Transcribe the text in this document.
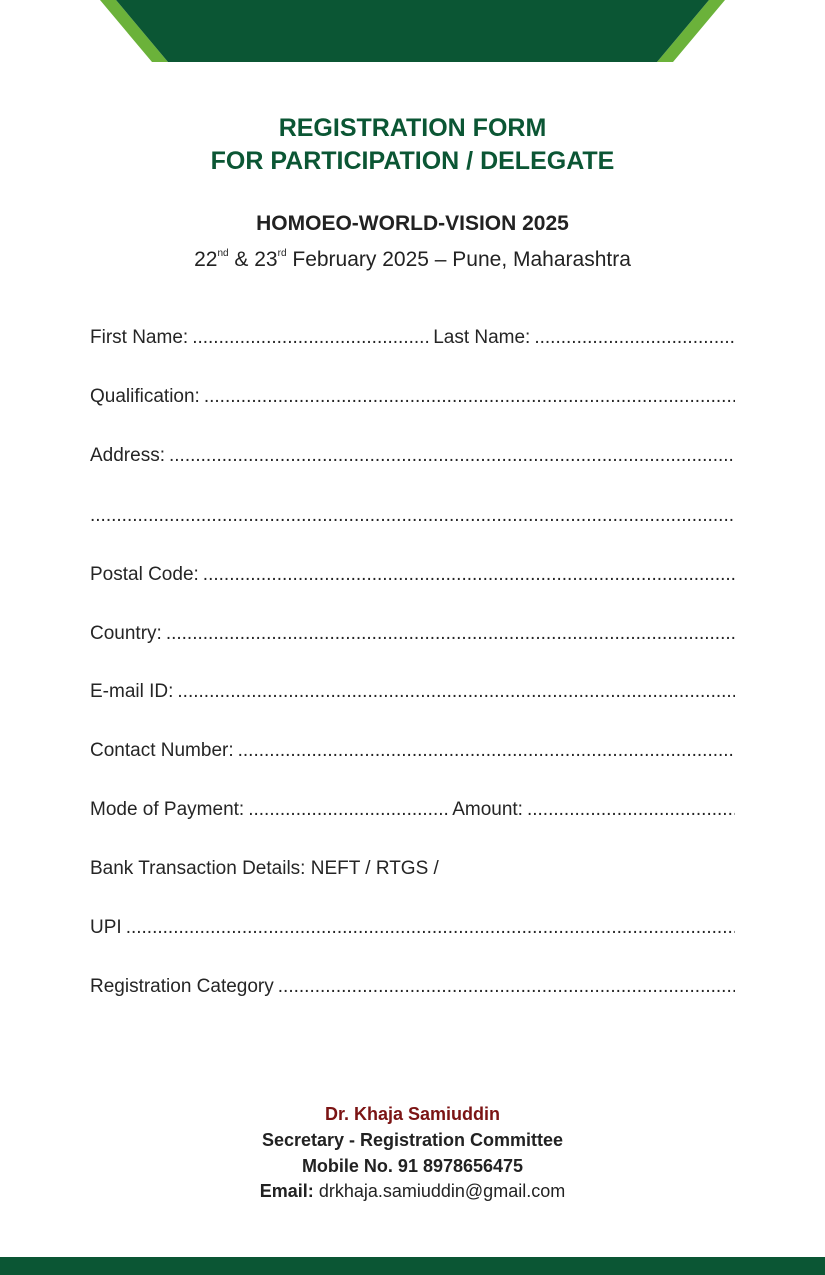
REGISTRATION FORM
FOR PARTICIPATION / DELEGATE
HOMOEO-WORLD-VISION 2025
22nd & 23rd February 2025 – Pune, Maharashtra
First Name: .....	Last Name:
.....
Qualification:
.....
Address:
.....
.....
Postal Code:
.....
Country:
.....
E-mail ID:
.....
Contact Number:
.....
Mode of Payment: .....	Amount:
.....
Bank Transaction Details: NEFT / RTGS /
UPI
.....
Registration Category
.....
Dr. Khaja Samiuddin
Secretary - Registration Committee
Mobile No. 91 8978656475
Email: drkhaja.samiuddin@gmail.com
